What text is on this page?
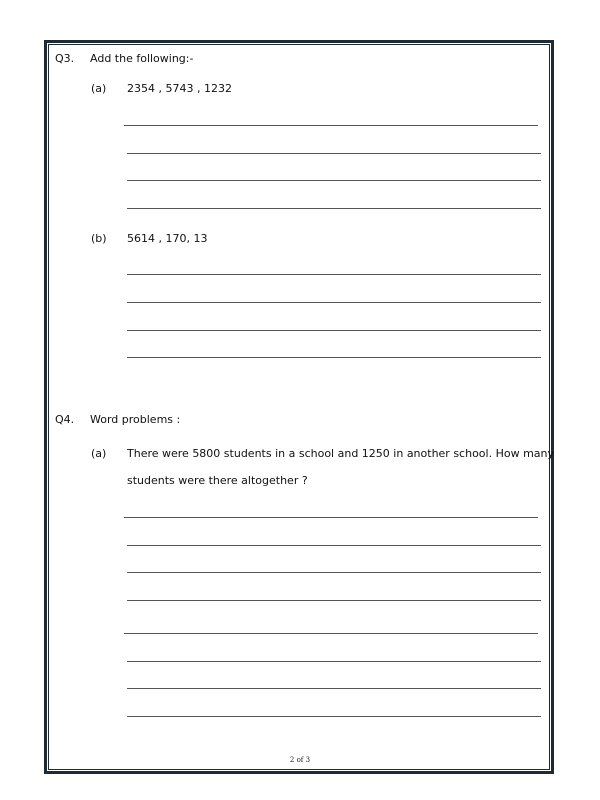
Q3. Add the following:-
(a) 2354 , 5743 , 1232
(b) 5614 , 170, 13
Q4. Word problems :
(a) There were 5800 students in a school and 1250 in another school. How many
students were there altogether ?
2 of 3
